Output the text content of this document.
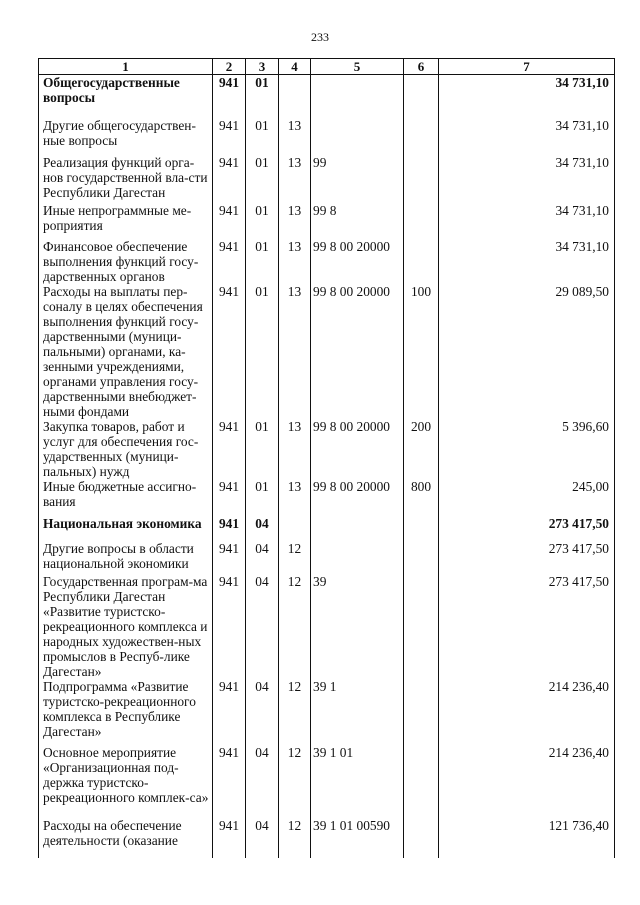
233
1	2	3	4	5	6	7
Общегосударственные вопросы	941	01				34 731,10
Другие общегосударствен-ные вопросы	941	01	13			34 731,10
Реализация функций орга-нов государственной вла-сти Республики Дагестан	941	01	13	99		34 731,10
Иные непрограммные ме-роприятия	941	01	13	99 8		34 731,10
Финансовое обеспечение выполнения функций госу-дарственных органов	941	01	13	99 8 00 20000		34 731,10
Расходы на выплаты пер-соналу в целях обеспечения выполнения функций госу-дарственными (муници-пальными) органами, ка-зенными учреждениями, органами управления госу-дарственными внебюджет-ными фондами	941	01	13	99 8 00 20000	100	29 089,50
Закупка товаров, работ и услуг для обеспечения гос-ударственных (муници-пальных) нужд	941	01	13	99 8 00 20000	200	5 396,60
Иные бюджетные ассигно-вания	941	01	13	99 8 00 20000	800	245,00
Национальная экономика	941	04				273 417,50
Другие вопросы в области национальной экономики	941	04	12			273 417,50
Государственная програм-ма Республики Дагестан «Развитие туристско-рекреационного комплекса и народных художествен-ных промыслов в Респуб-лике Дагестан»	941	04	12	39		273 417,50
Подпрограмма «Развитие туристско-рекреационного комплекса в Республике Дагестан»	941	04	12	39 1		214 236,40
Основное мероприятие «Организационная под-держка туристско-рекреационного комплек-са»	941	04	12	39 1 01		214 236,40
Расходы на обеспечение деятельности (оказание	941	04	12	39 1 01 00590		121 736,40
